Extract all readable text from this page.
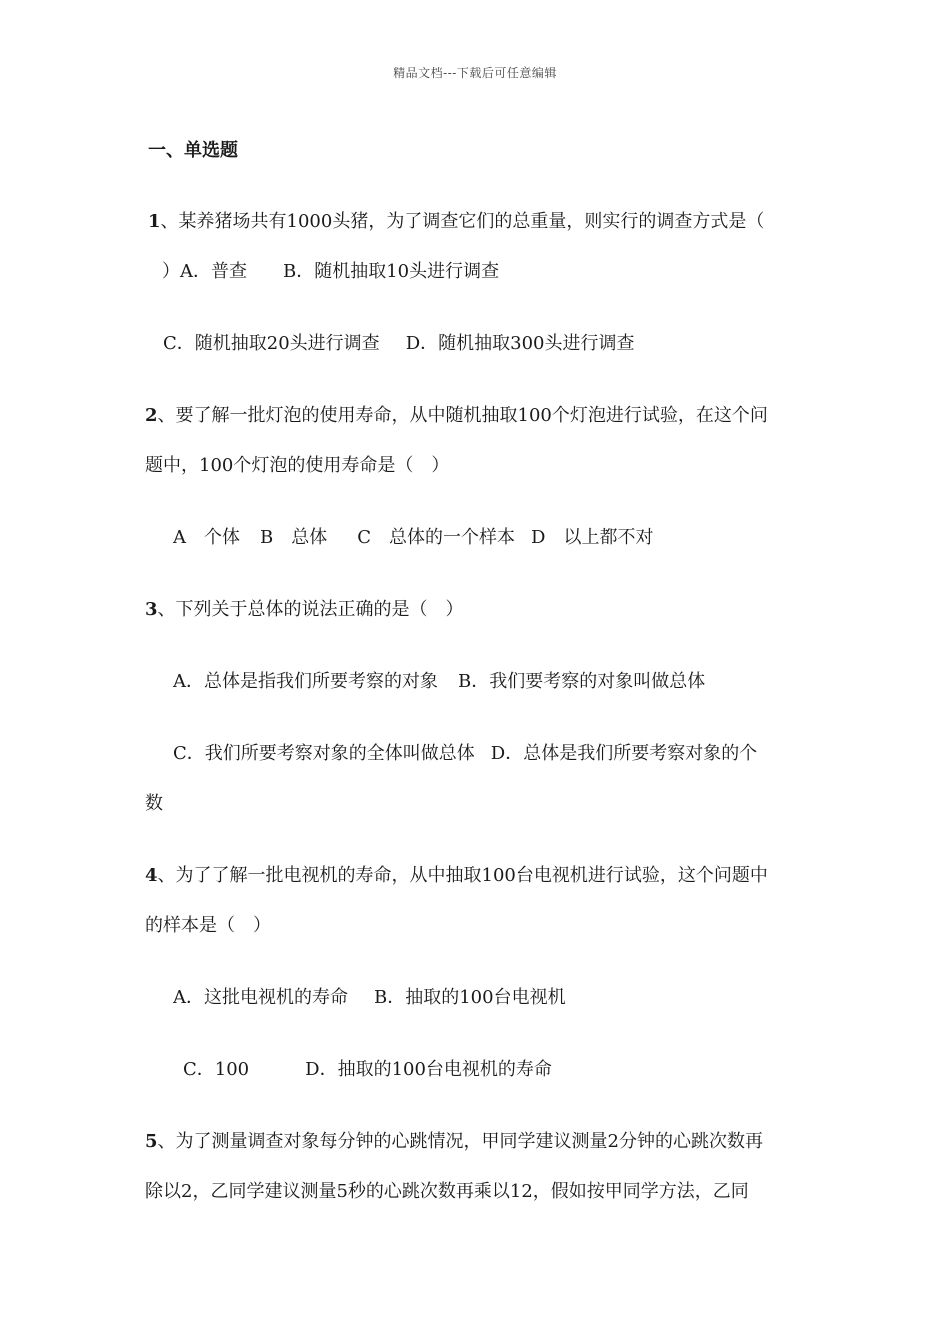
精品文档---下载后可任意编辑
一、单选题
1、某养猪场共有1000头猪，为了调查它们的总重量，则实行的调查方式是（
）A．普查　　B．随机抽取10头进行调查
C．随机抽取20头进行调查 D．随机抽取300头进行调查
2、要了解一批灯泡的使用寿命，从中随机抽取100个灯泡进行试验，在这个问
题中，100个灯泡的使用寿命是（　）
A　个体 B　总体 C　总体的一个样本 D　以上都不对
3、下列关于总体的说法正确的是（　）
A．总体是指我们所要考察的对象 B．我们要考察的对象叫做总体
C．我们所要考察对象的全体叫做总体 D．总体是我们所要考察对象的个
数
4、为了了解一批电视机的寿命，从中抽取100台电视机进行试验，这个问题中
的样本是（　）
A．这批电视机的寿命 B．抽取的100台电视机
C．100	D．抽取的100台电视机的寿命
5、为了测量调查对象每分钟的心跳情况，甲同学建议测量2分钟的心跳次数再
除以2，乙同学建议测量5秒的心跳次数再乘以12，假如按甲同学方法，乙同
